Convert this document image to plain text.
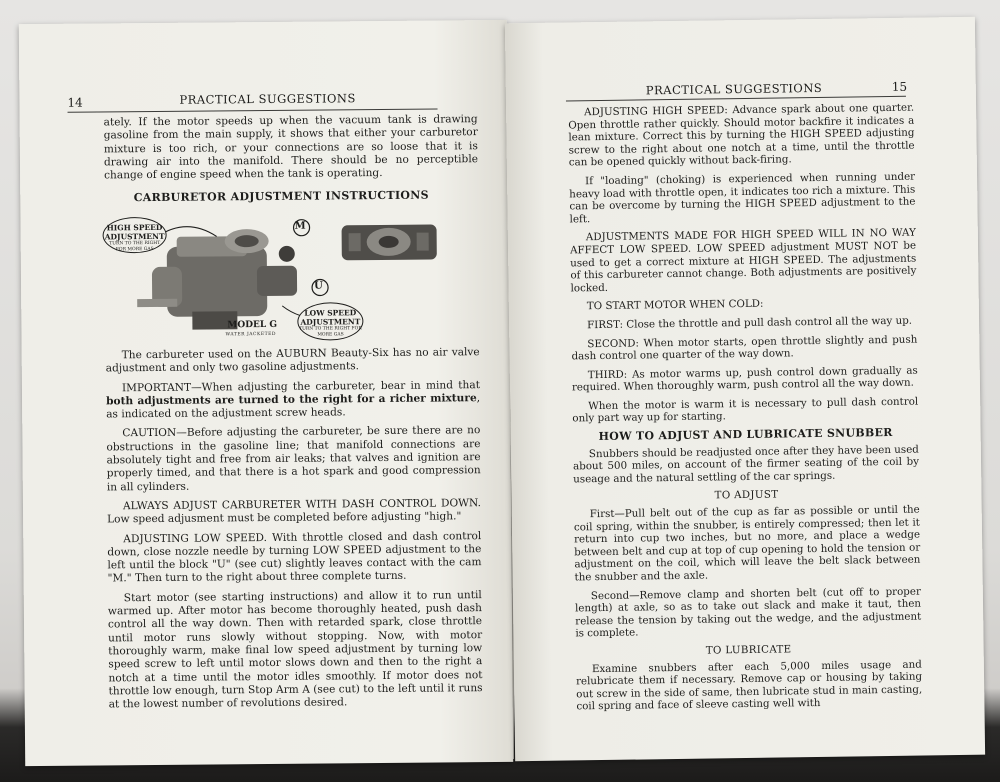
14	PRACTICAL SUGGESTIONS

ately. If the motor speeds up when the vacuum tank is drawing gasoline from the main supply, it shows that either your carburetor mixture is too rich, or your connections are so loose that it is drawing air into the manifold. There should be no perceptible change of engine speed when the tank is operating.

CARBURETOR ADJUSTMENT INSTRUCTIONS
M
U
HIGH SPEED ADJUSTMENT
TURN TO THE RIGHT FOR MORE GAS
LOW SPEED ADJUSTMENT
TURN TO THE RIGHT FOR MORE GAS
MODEL G
WATER JACKETED

The carbureter used on the AUBURN Beauty-Six has no air valve adjustment and only two gasoline adjustments.

IMPORTANT—When adjusting the carbureter, bear in mind that both adjustments are turned to the right for a richer mixture, as indicated on the adjustment screw heads.

CAUTION—Before adjusting the carbureter, be sure there are no obstructions in the gasoline line; that manifold connections are absolutely tight and free from air leaks; that valves and ignition are properly timed, and that there is a hot spark and good compression in all cylinders.

ALWAYS ADJUST CARBURETER WITH DASH CONTROL DOWN. Low speed adjusment must be completed before adjusting "high."

ADJUSTING LOW SPEED. With throttle closed and dash control down, close nozzle needle by turning LOW SPEED adjustment to the left until the block "U" (see cut) slightly leaves contact with the cam "M." Then turn to the right about three complete turns.

Start motor (see starting instructions) and allow it to run until warmed up. After motor has become thoroughly heated, push dash control all the way down. Then with retarded spark, close throttle until motor runs slowly without stopping. Now, with motor thoroughly warm, make final low speed adjustment by turning low speed screw to left until motor slows down and then to the right a notch at a time until the motor idles smoothly. If motor does not throttle low enough, turn Stop Arm A (see cut) to the left until it runs at the lowest number of revolutions desired.

PRACTICAL SUGGESTIONS	15

ADJUSTING HIGH SPEED: Advance spark about one quarter. Open throttle rather quickly. Should motor backfire it indicates a lean mixture. Correct this by turning the HIGH SPEED adjusting screw to the right about one notch at a time, until the throttle can be opened quickly without back-firing.

If "loading" (choking) is experienced when running under heavy load with throttle open, it indicates too rich a mixture. This can be overcome by turning the HIGH SPEED adjustment to the left.

ADJUSTMENTS MADE FOR HIGH SPEED WILL IN NO WAY AFFECT LOW SPEED. LOW SPEED adjustment MUST NOT be used to get a correct mixture at HIGH SPEED. The adjustments of this carbureter cannot change. Both adjustments are positively locked.

TO START MOTOR WHEN COLD:

FIRST: Close the throttle and pull dash control all the way up.

SECOND: When motor starts, open throttle slightly and push dash control one quarter of the way down.

THIRD: As motor warms up, push control down gradually as required. When thoroughly warm, push control all the way down.

When the motor is warm it is necessary to pull dash control only part way up for starting.

HOW TO ADJUST AND LUBRICATE SNUBBER

Snubbers should be readjusted once after they have been used about 500 miles, on account of the firmer seating of the coil by useage and the natural settling of the car springs.

TO ADJUST

First—Pull belt out of the cup as far as possible or until the coil spring, within the snubber, is entirely compressed; then let it return into cup two inches, but no more, and place a wedge between belt and cup at top of cup opening to hold the tension or adjustment on the coil, which will leave the belt slack between the snubber and the axle.

Second—Remove clamp and shorten belt (cut off to proper length) at axle, so as to take out slack and make it taut, then release the tension by taking out the wedge, and the adjustment is complete.

TO LUBRICATE

Examine snubbers after each 5,000 miles usage and relubricate them if necessary. Remove cap or housing by taking out screw in the side of same, then lubricate stud in main casting, coil spring and face of sleeve casting well with
